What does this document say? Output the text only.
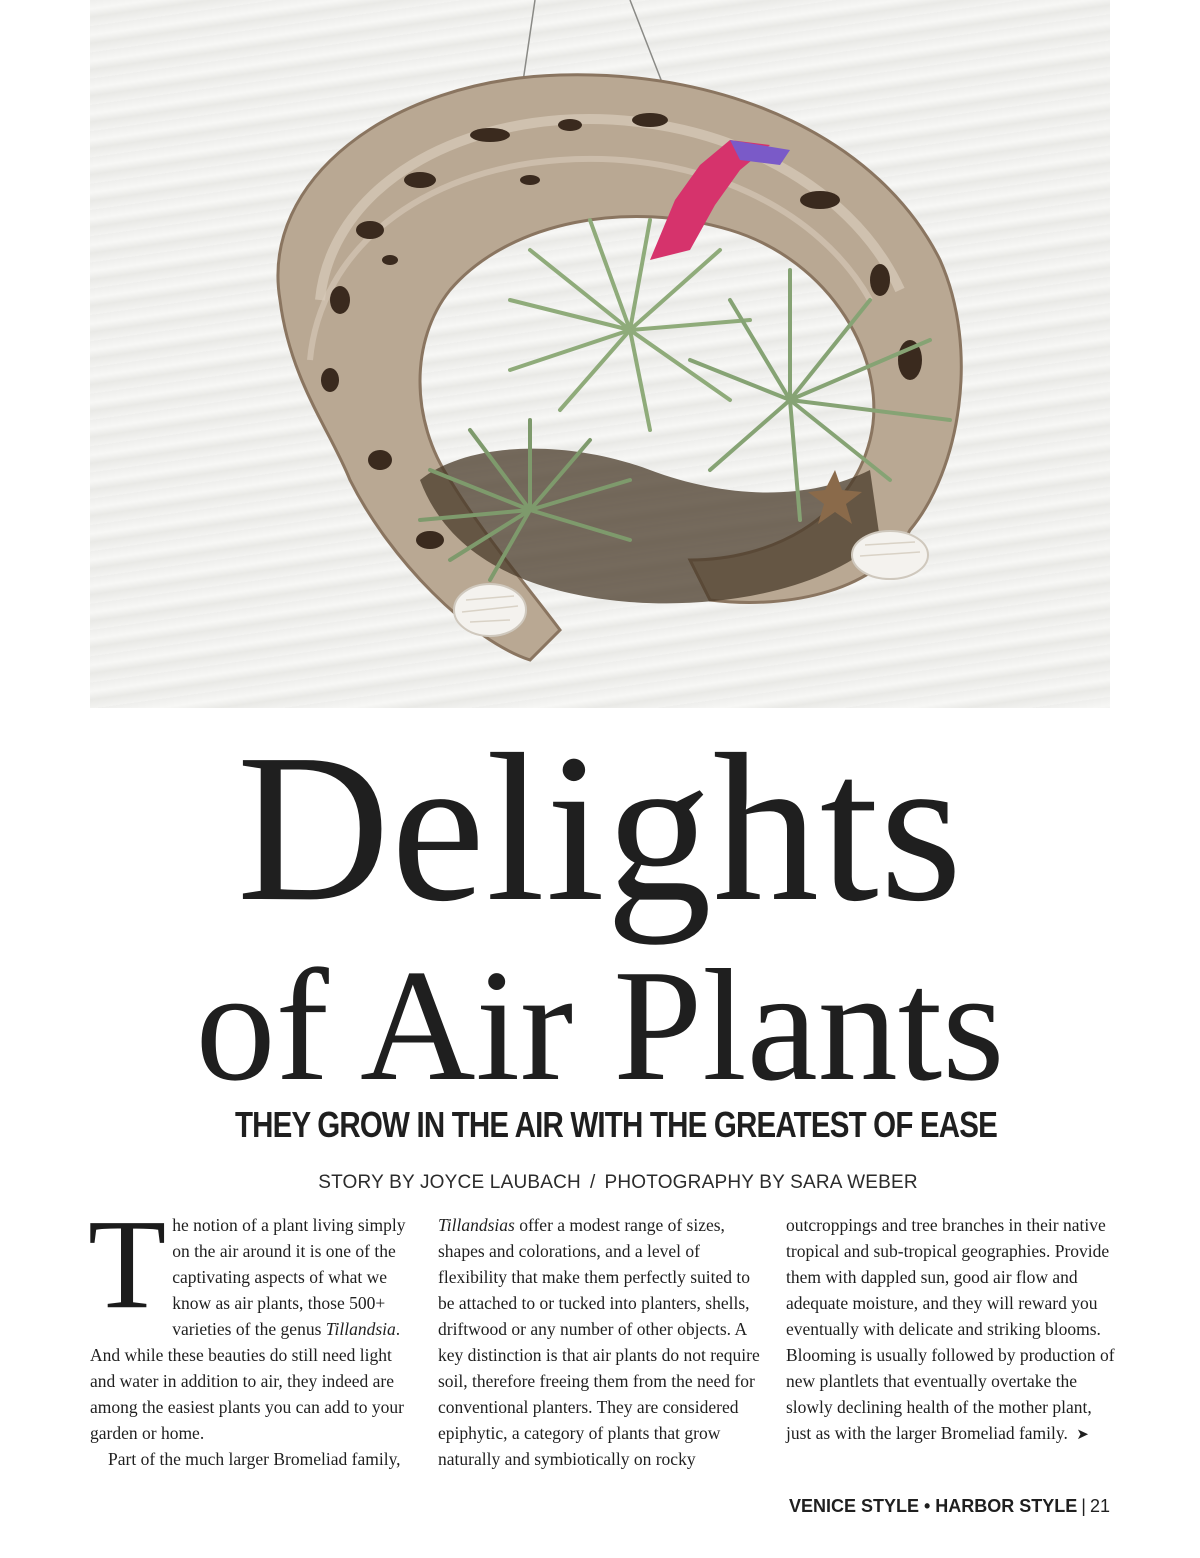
Delights
of Air Plants
THEY GROW IN THE AIR WITH THE GREATEST OF EASE
STORY BY JOYCE LAUBACH / PHOTOGRAPHY BY SARA WEBER

The notion of a plant living simply on the air around it is one of the captivating aspects of what we know as air plants, those 500+ varieties of the genus Tillandsia. And while these beauties do still need light and water in addition to air, they indeed are among the easiest plants you can add to your garden or home.

Part of the much larger Bromeliad family,

Tillandsias offer a modest range of sizes, shapes and colorations, and a level of flexibility that make them perfectly suited to be attached to or tucked into planters, shells, driftwood or any number of other objects. A key distinction is that air plants do not require soil, therefore freeing them from the need for conventional planters. They are considered epiphytic, a category of plants that grow naturally and symbiotically on rocky

outcroppings and tree branches in their native tropical and sub-tropical geographies. Provide them with dappled sun, good air flow and adequate moisture, and they will reward you eventually with delicate and striking blooms. Blooming is usually followed by production of new plantlets that eventually overtake the slowly declining health of the mother plant, just as with the larger Bromeliad family. ➤

VENICE STYLE • HARBOR STYLE | 21
